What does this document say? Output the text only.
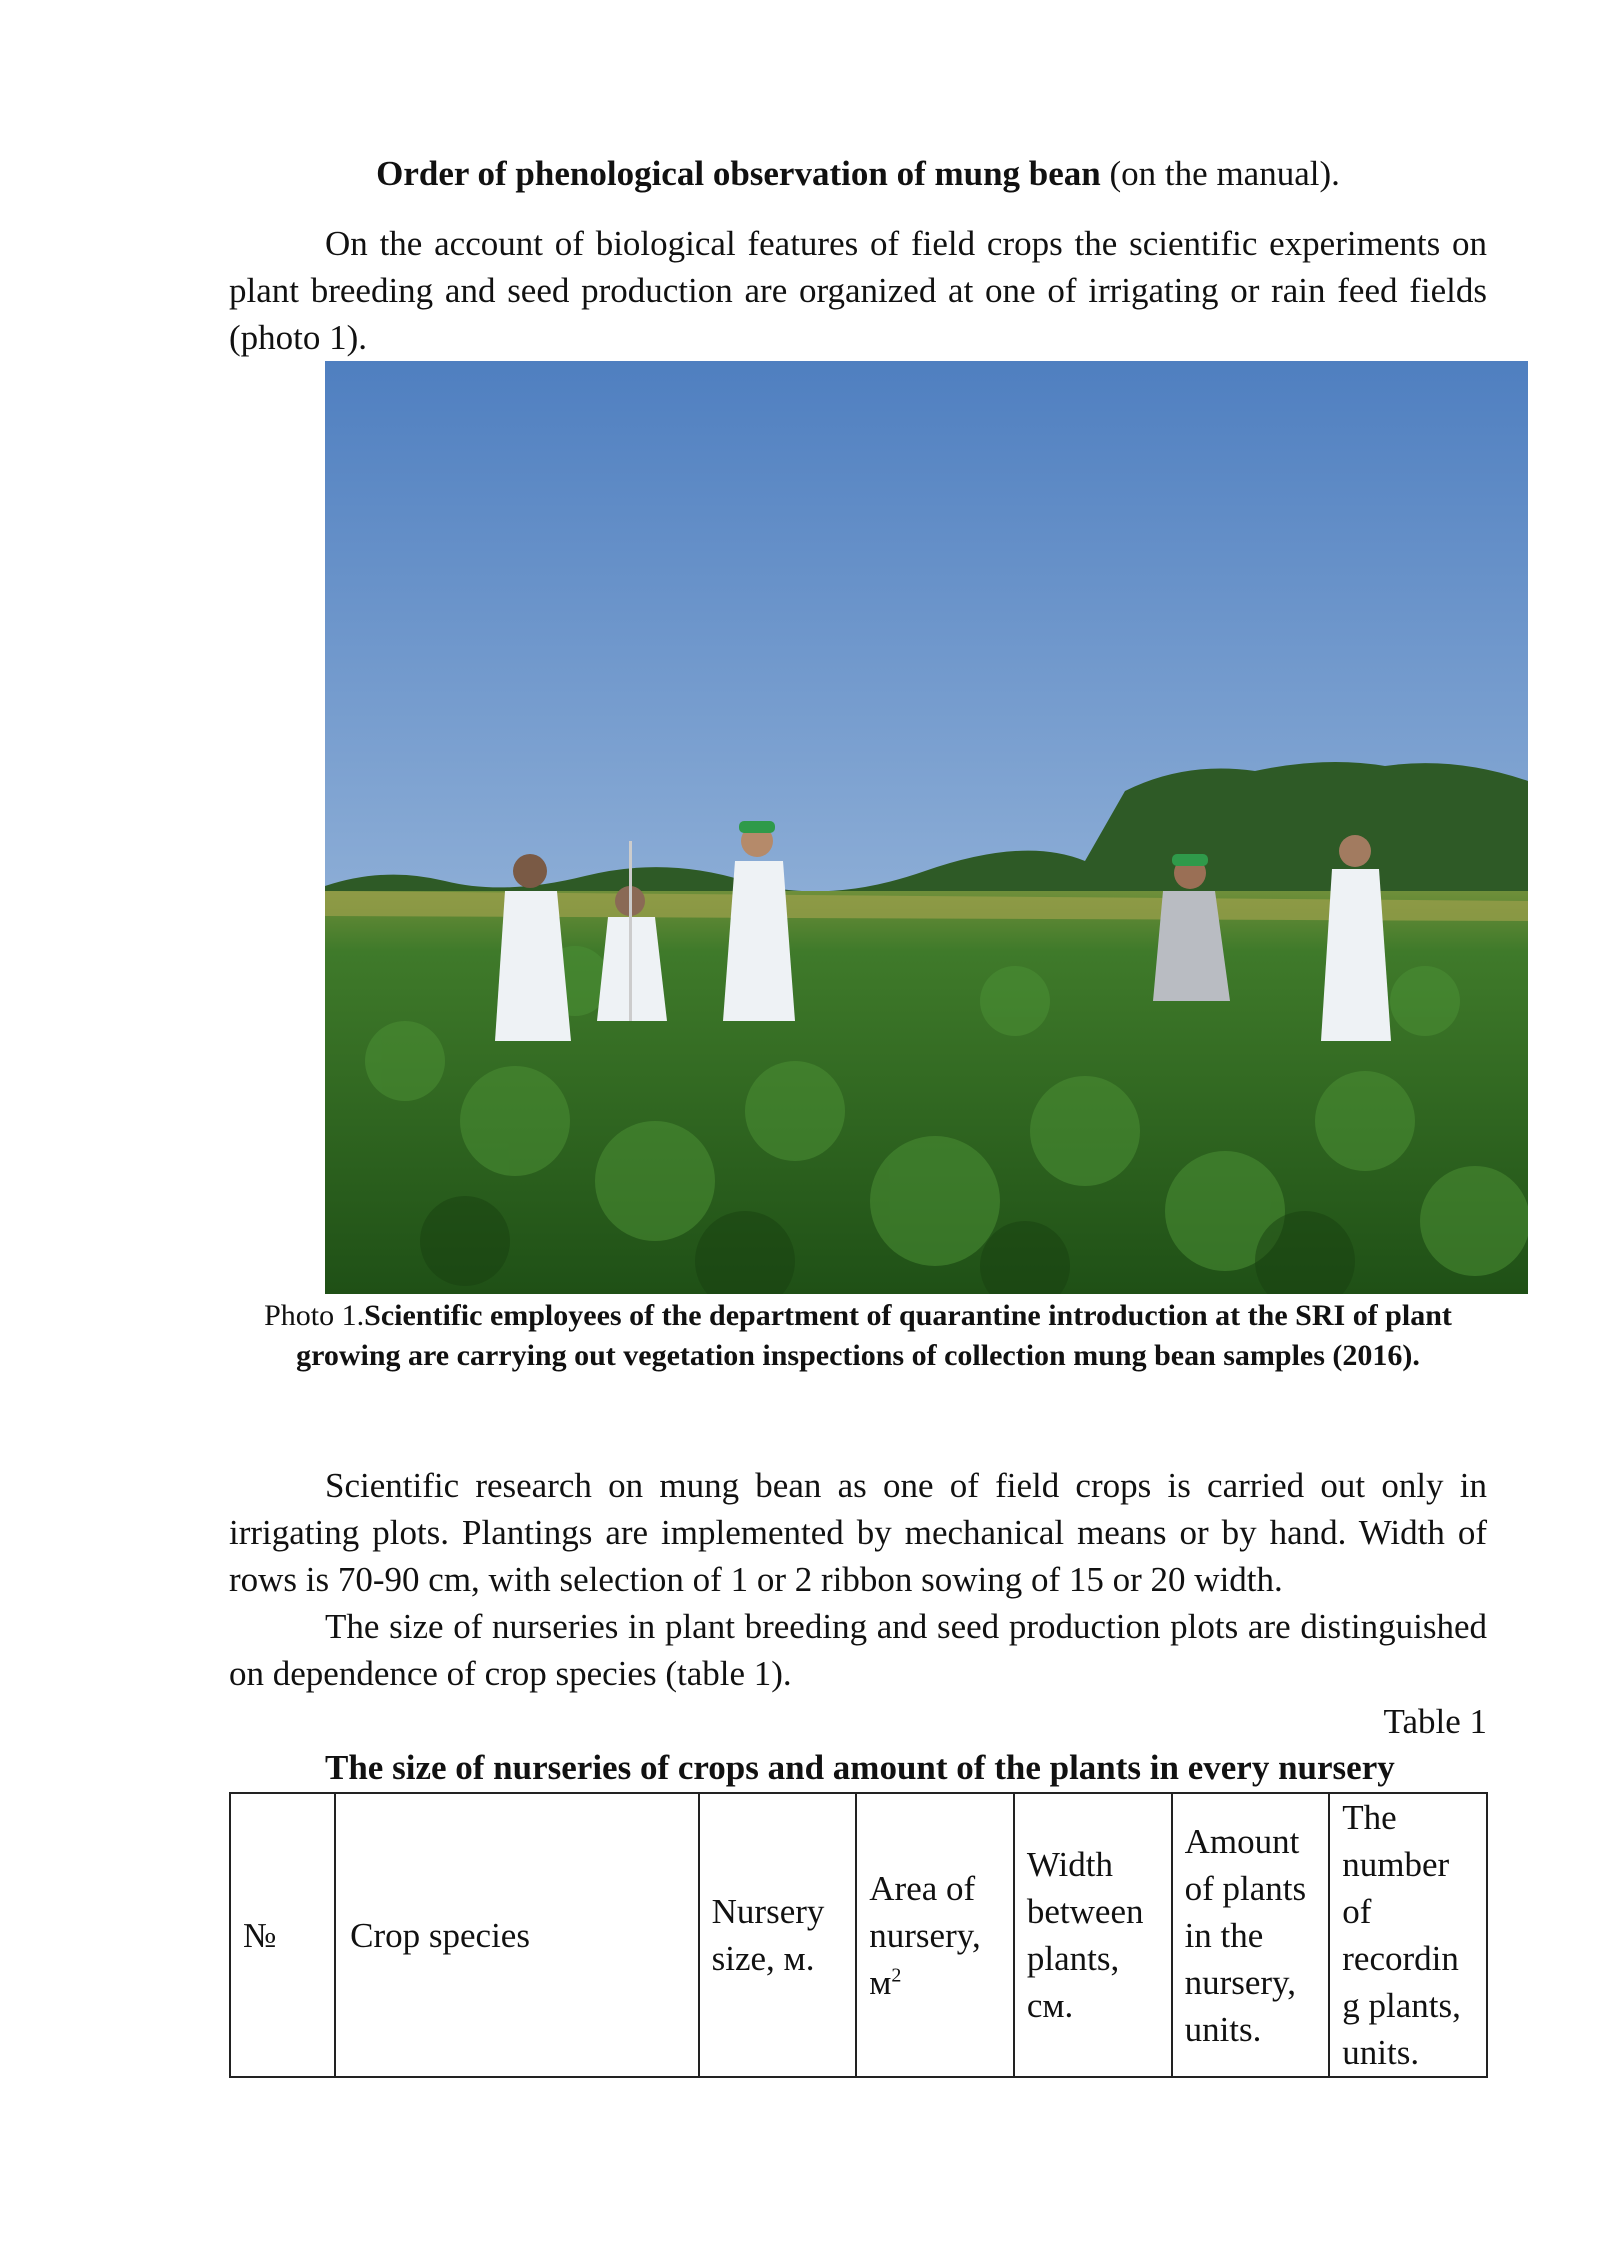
Order of phenological observation of mung bean (on the manual).

On the account of biological features of field crops the scientific experiments on plant breeding and seed production are organized at one of irrigating or rain feed fields (photo 1).

Photo 1.Scientific employees of the department of quarantine introduction at the SRI of plant growing are carrying out vegetation inspections of collection mung bean samples (2016).

Scientific research on mung bean as one of field crops is carried out only in irrigating plots. Plantings are implemented by mechanical means or by hand. Width of rows is 70-90 cm, with selection of 1 or 2 ribbon sowing of 15 or 20 width.

The size of nurseries in plant breeding and seed production plots are distinguished on dependence of crop species (table 1).

Table 1
The size of nurseries of crops and amount of the plants in every nursery
№	Crop species	Nursery size, м.	Area of nursery, $м^2$	Width between plants, см.	Amount of plants in the nursery, units.	The number of recordin g plants, units.
